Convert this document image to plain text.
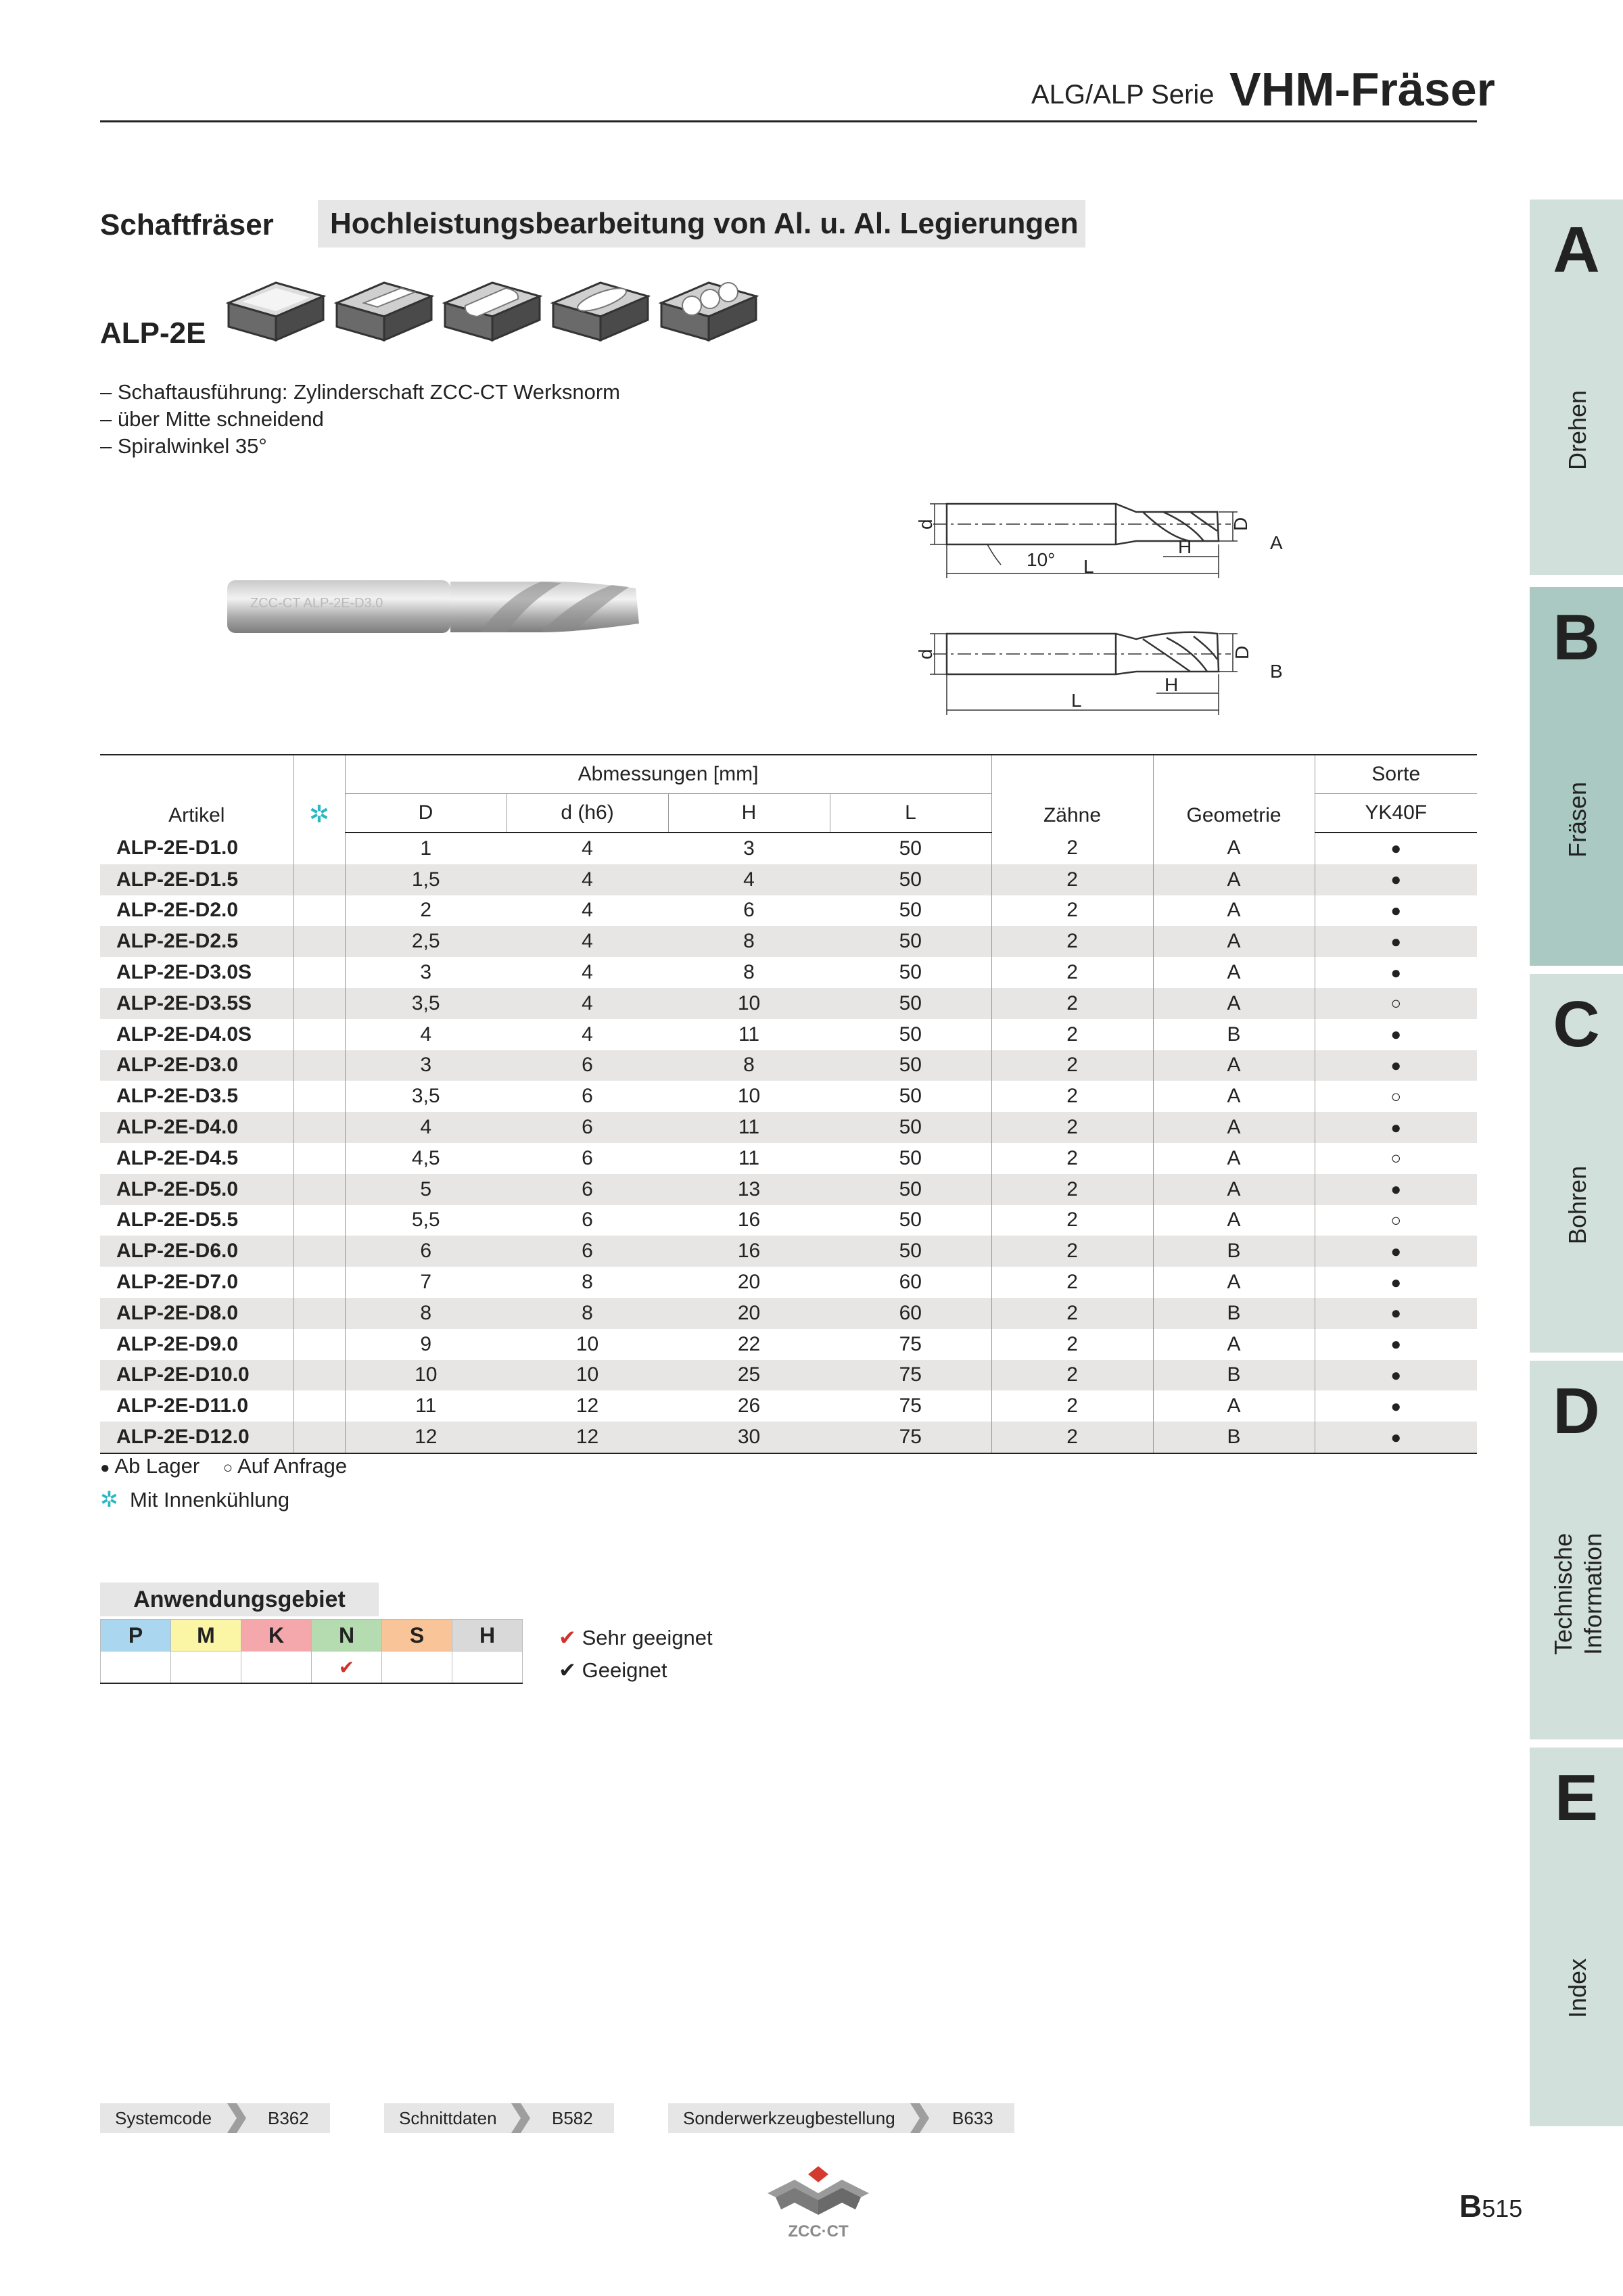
ALG/ALP Serie VHM-Fräser
Schaftfräser	Hochleistungsbearbeitung von Al. u. Al. Legierungen
ALP-2E
– Schaftausführung: Zylinderschaft ZCC-CT Werksnorm
– über Mitte schneidend
– Spiralwinkel 35°
ZCC-CT ALP-2E-D3.0
d	D
10° L
H	A
d	D
L
H
B
Artikel	✲	Abmessungen [mm]				Zähne	Geometrie	Sorte
		D	d (h6)	H	L			YK40F
ALP-2E-D1.0		1	4	3	50	2	A	●
ALP-2E-D1.5		1,5	4	4	50	2	A	●
ALP-2E-D2.0		2	4	6	50	2	A	●
ALP-2E-D2.5		2,5	4	8	50	2	A	●
ALP-2E-D3.0S		3	4	8	50	2	A	●
ALP-2E-D3.5S		3,5	4	10	50	2	A	○
ALP-2E-D4.0S		4	4	11	50	2	B	●
ALP-2E-D3.0		3	6	8	50	2	A	●
ALP-2E-D3.5		3,5	6	10	50	2	A	○
ALP-2E-D4.0		4	6	11	50	2	A	●
ALP-2E-D4.5		4,5	6	11	50	2	A	○
ALP-2E-D5.0		5	6	13	50	2	A	●
ALP-2E-D5.5		5,5	6	16	50	2	A	○
ALP-2E-D6.0		6	6	16	50	2	B	●
ALP-2E-D7.0		7	8	20	60	2	A	●
ALP-2E-D8.0		8	8	20	60	2	B	●
ALP-2E-D9.0		9	10	22	75	2	A	●
ALP-2E-D10.0		10	10	25	75	2	B	●
ALP-2E-D11.0		11	12	26	75	2	A	●
ALP-2E-D12.0		12	12	30	75	2	B	●
● Ab Lager ○ Auf Anfrage
✲ Mit Innenkühlung
Anwendungsgebiet
P	M	K	N	S	H
			✔		
✔ Sehr geeignet
✔ Geeignet
A
Drehen
B
Fräsen
C
Bohren
D
Technische
Information
E
Index
Systemcode	B362	Schnittdaten	B582	Sonderwerkzeugbestellung	B633
ZCC·CT
B515
